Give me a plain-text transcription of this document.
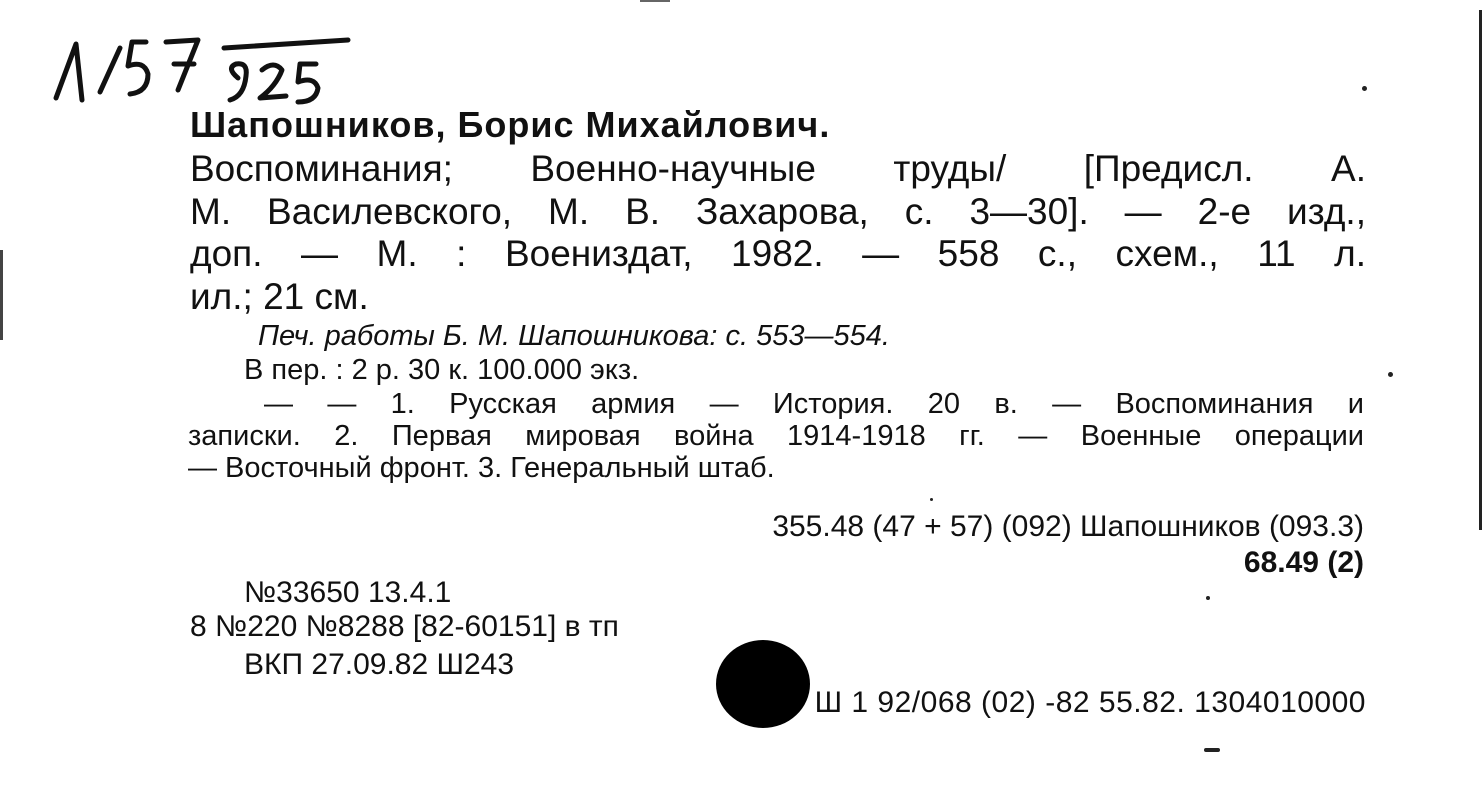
Шапошников, Борис Михайлович.
Воспоминания; Военно-научные труды/ [Предисл. А.
М. Василевского, М. В. Захарова, с. 3—30]. — 2-е изд.,
доп. — М. : Воениздат, 1982. — 558 с., схем., 11 л.
ил.; 21 см.
Печ. работы Б. М. Шапошникова: с. 553—554.
В пер. : 2 р. 30 к. 100.000 экз.
— — 1. Русская армия — История. 20 в. — Воспоминания и
записки. 2. Первая мировая война 1914-1918 гг. — Военные операции
— Восточный фронт. 3. Генеральный штаб.
355.48 (47 + 57) (092) Шапошников (093.3)
68.49 (2)
№33650 13.4.1
8 №220 №8288 [82-60151] в тп
ВКП 27.09.82 Ш243
Ш 1 92/068 (02) -82 55.82. 1304010000
